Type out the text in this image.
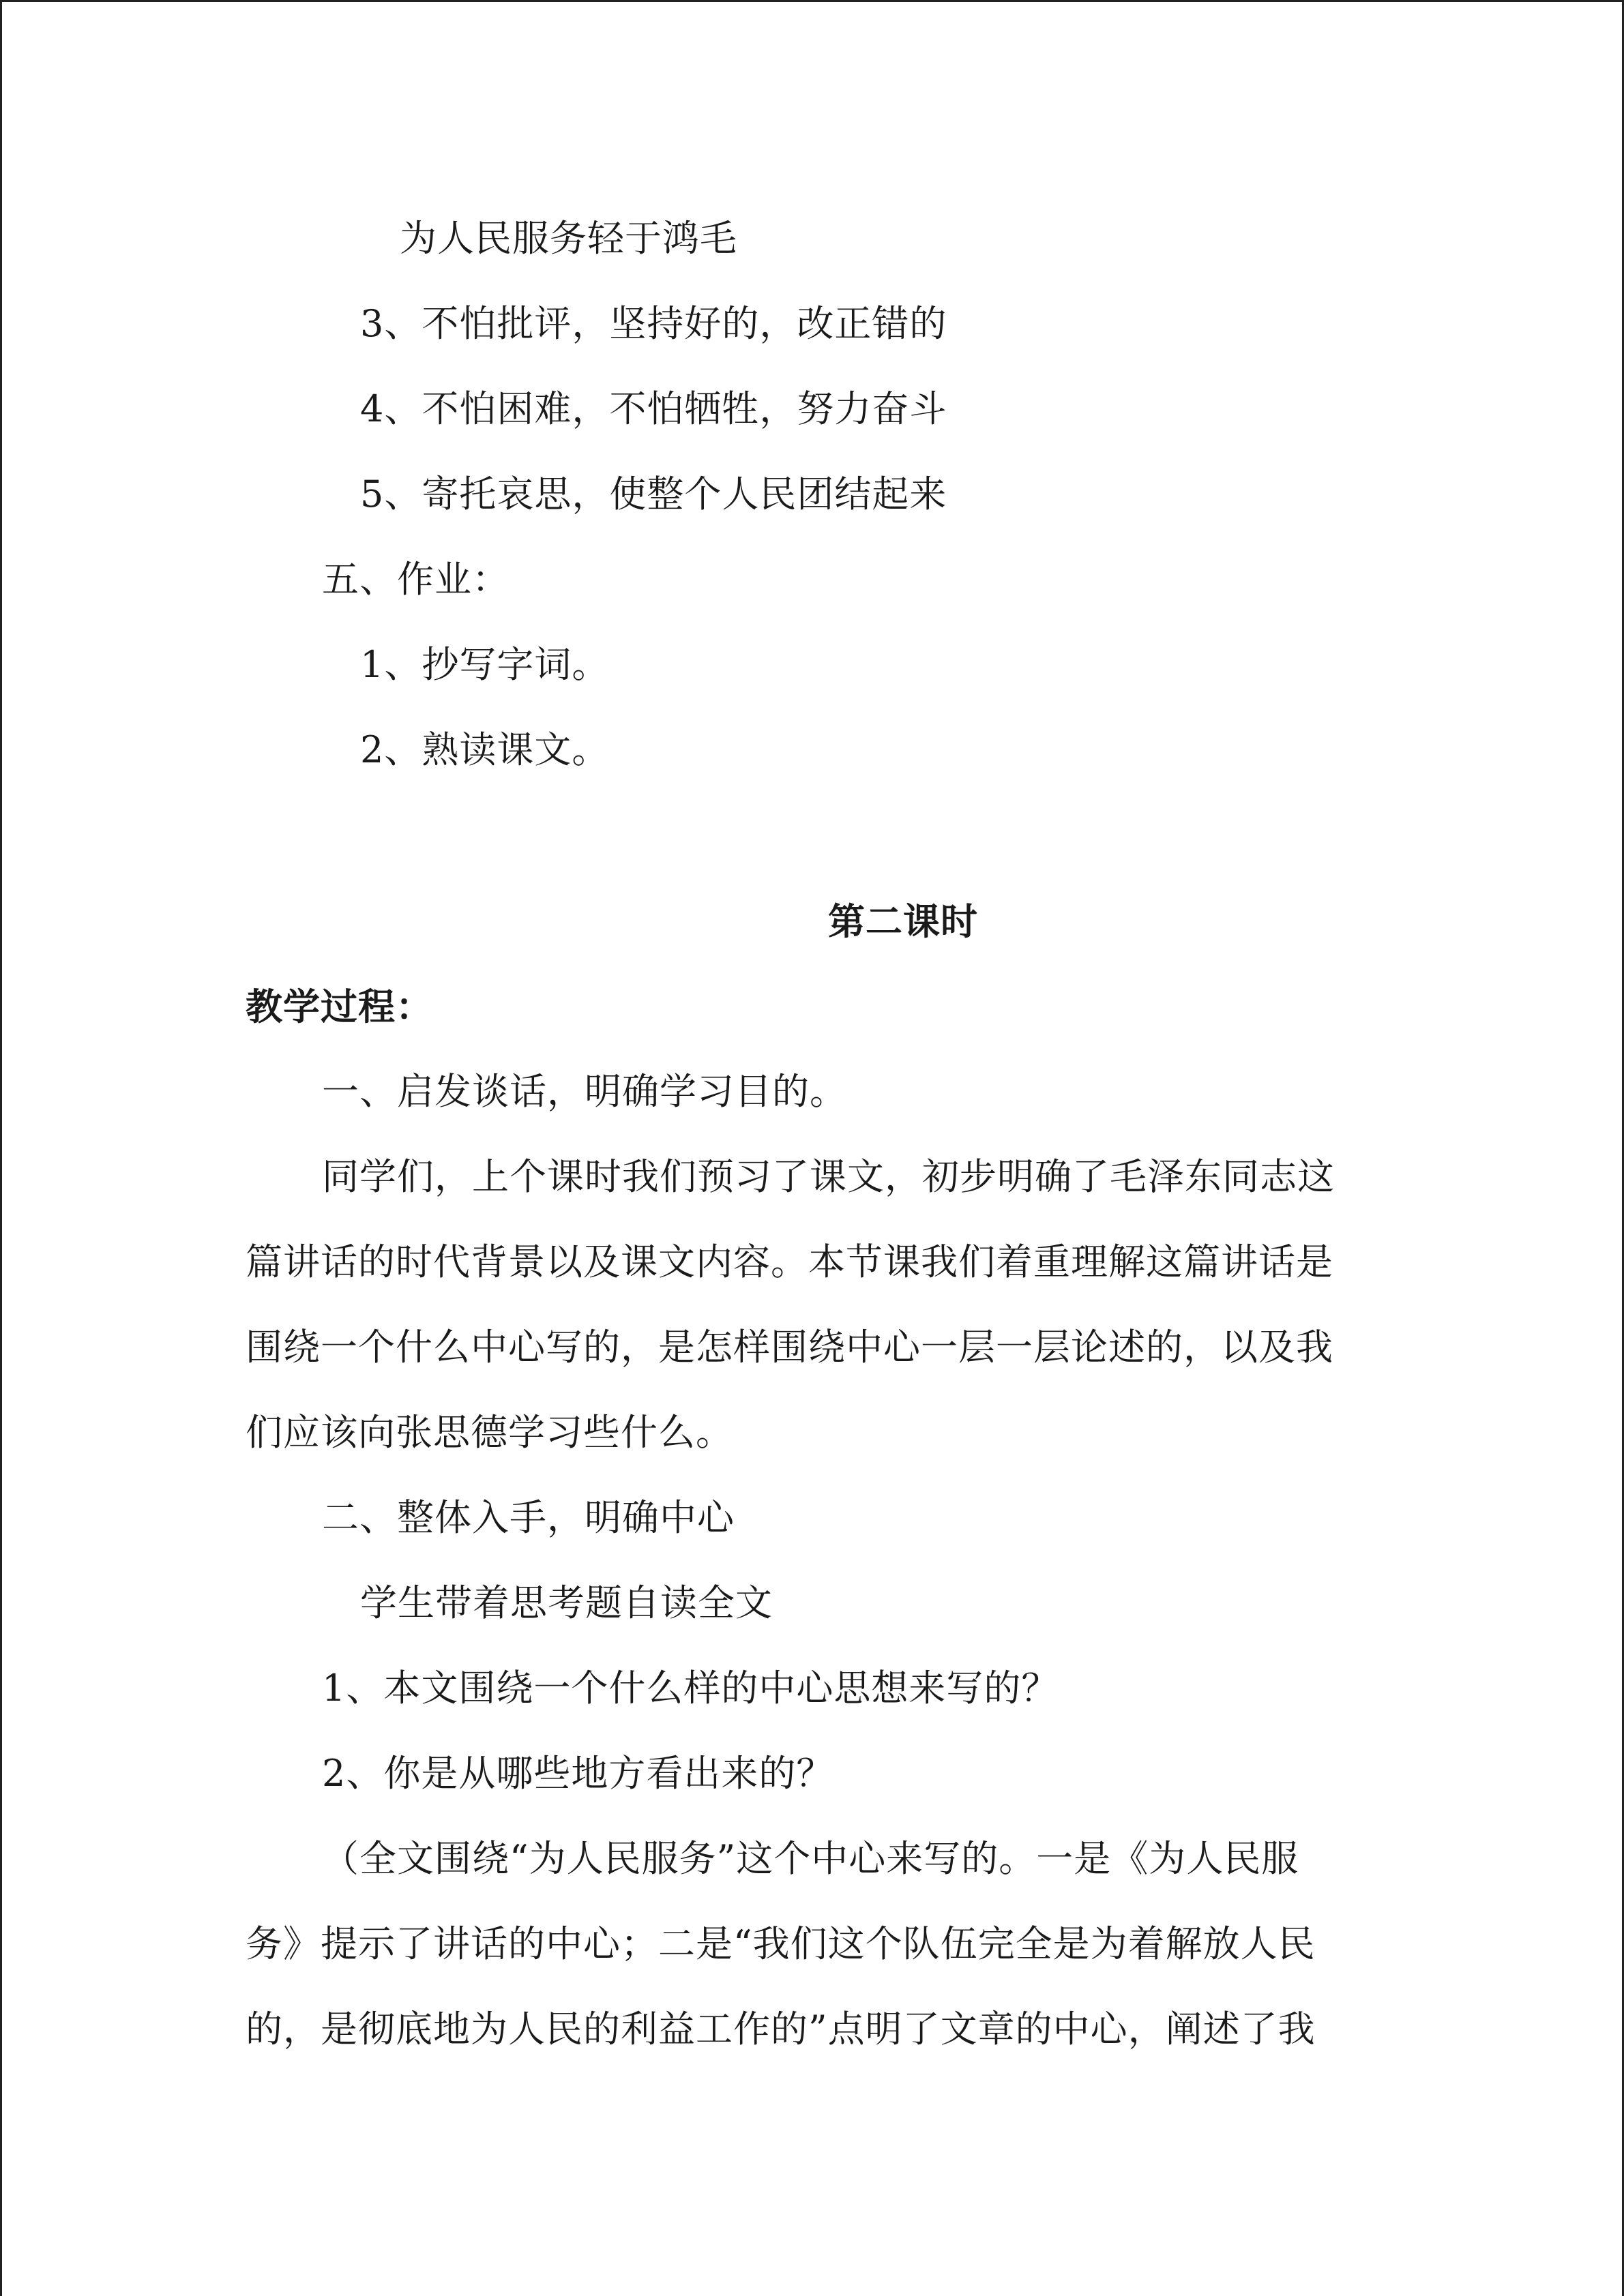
为人民服务轻于鸿毛
3、不怕批评，坚持好的，改正错的
4、不怕困难，不怕牺牲，努力奋斗
5、寄托哀思，使整个人民团结起来
五、作业：
1、抄写字词。
2、熟读课文。
第二课时
教学过程：
一、启发谈话，明确学习目的。
同学们，上个课时我们预习了课文，初步明确了毛泽东同志这
篇讲话的时代背景以及课文内容。本节课我们着重理解这篇讲话是
围绕一个什么中心写的，是怎样围绕中心一层一层论述的，以及我
们应该向张思德学习些什么。
二、整体入手，明确中心
学生带着思考题自读全文
1、本文围绕一个什么样的中心思想来写的？
2、你是从哪些地方看出来的？
（全文围绕“为人民服务”这个中心来写的。一是《为人民服
务》提示了讲话的中心；二是“我们这个队伍完全是为着解放人民
的，是彻底地为人民的利益工作的”点明了文章的中心，阐述了我
